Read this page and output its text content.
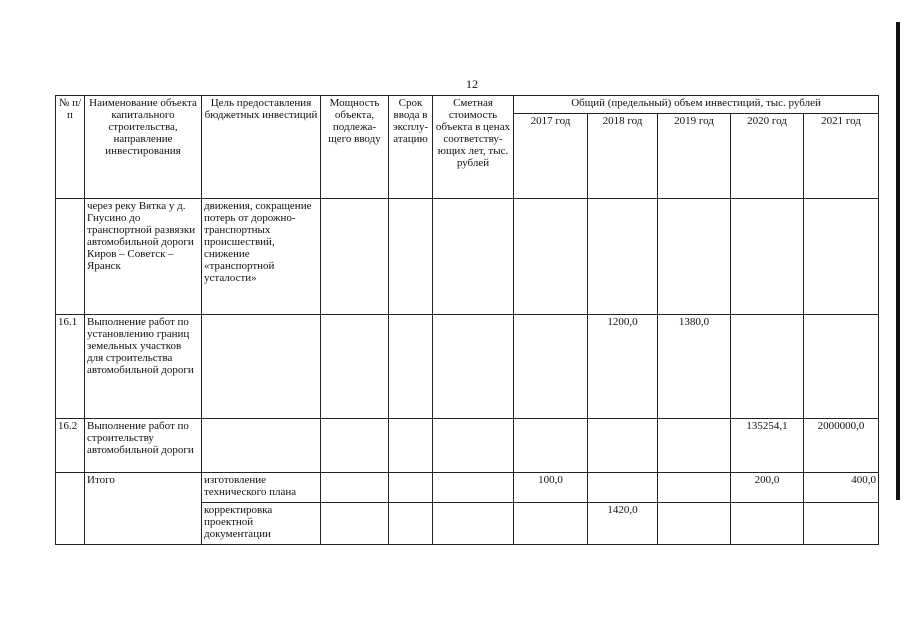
12
№ п/п	Наименование объекта капитального строительства, направление инвестирования	Цель предоставления бюджетных инвестиций	Мощность объекта, подлежа-щего вводу	Срок ввода в эксплу-атацию	Сметная стоимость объекта в ценах соответству-ющих лет, тыс. рублей	Общий (предельный) объем инвестиций, тыс. рублей				
						2017 год	2018 год	2019 год	2020 год	2021 год
	через реку Вятка у д. Гнусино до транспортной развязки автомобильной дороги Киров – Советск – Яранск	движения, сокращение потерь от дорожно-транспортных происшествий, снижение «транспортной усталости»								
16.1	Выполнение работ по установлению границ земельных участков для строительства автомобильной дороги						1200,0	1380,0		
16.2	Выполнение работ по строительству автомобильной дороги								135254,1	2000000,0
	Итого	изготовление технического плана				100,0			200,0	400,0
		корректировка проектной документации					1420,0			
